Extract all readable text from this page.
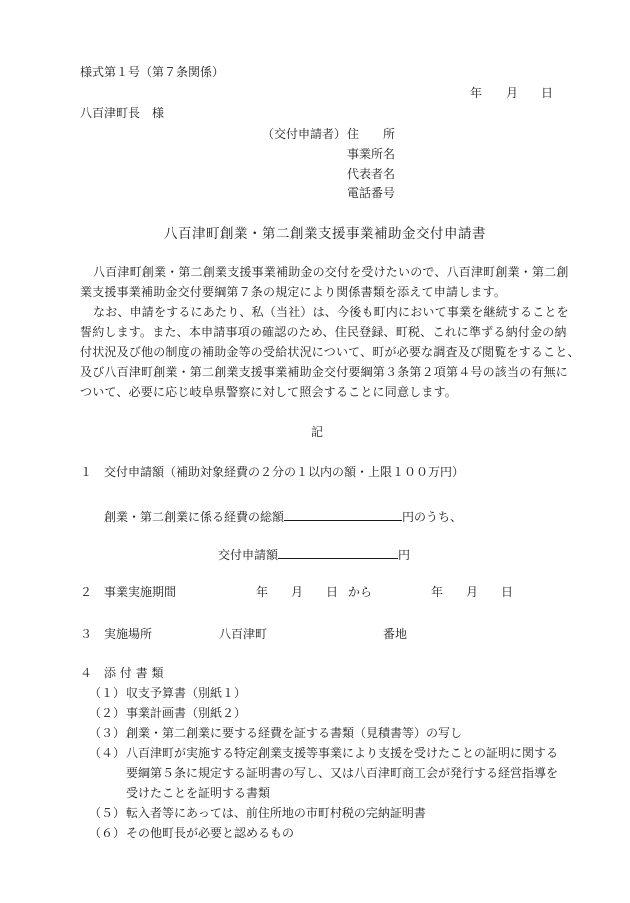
様式第１号（第７条関係）
年 月 日
八百津町長　様
（交付申請者） 住　　所
事業所名
代表者名
電話番号
八百津町創業・第二創業支援事業補助金交付申請書
八百津町創業・第二創業支援事業補助金の交付を受けたいので、八百津町創業・第二創
業支援事業補助金交付要綱第７条の規定により関係書類を添えて申請します。
なお、申請をするにあたり、私（当社）は、今後も町内において事業を継続することを
誓約します。また、本申請事項の確認のため、住民登録、町税、これに準ずる納付金の納
付状況及び他の制度の補助金等の受給状況について、町が必要な調査及び閲覧をすること、
及び八百津町創業・第二創業支援事業補助金交付要綱第３条第２項第４号の該当の有無に
ついて、必要に応じ岐阜県警察に対して照会することに同意します。
記
１ 交付申請額（補助対象経費の２分の１以内の額・上限１００万円）
創業・第二創業に係る経費の総額	円のうち、
交付申請額	円
２ 事業実施期間	年 月 日 から	年 月 日
３ 実施場所	八百津町	番地
４ 添 付 書 類
（１） 収支予算書（別紙１）
（２） 事業計画書（別紙２）
（３） 創業・第二創業に要する経費を証する書類（見積書等）の写し
（４） 八百津町が実施する特定創業支援等事業により支援を受けたことの証明に関する
要綱第５条に規定する証明書の写し、又は八百津町商工会が発行する経営指導を
受けたことを証明する書類
（５） 転入者等にあっては、前住所地の市町村税の完納証明書
（６） その他町長が必要と認めるもの
